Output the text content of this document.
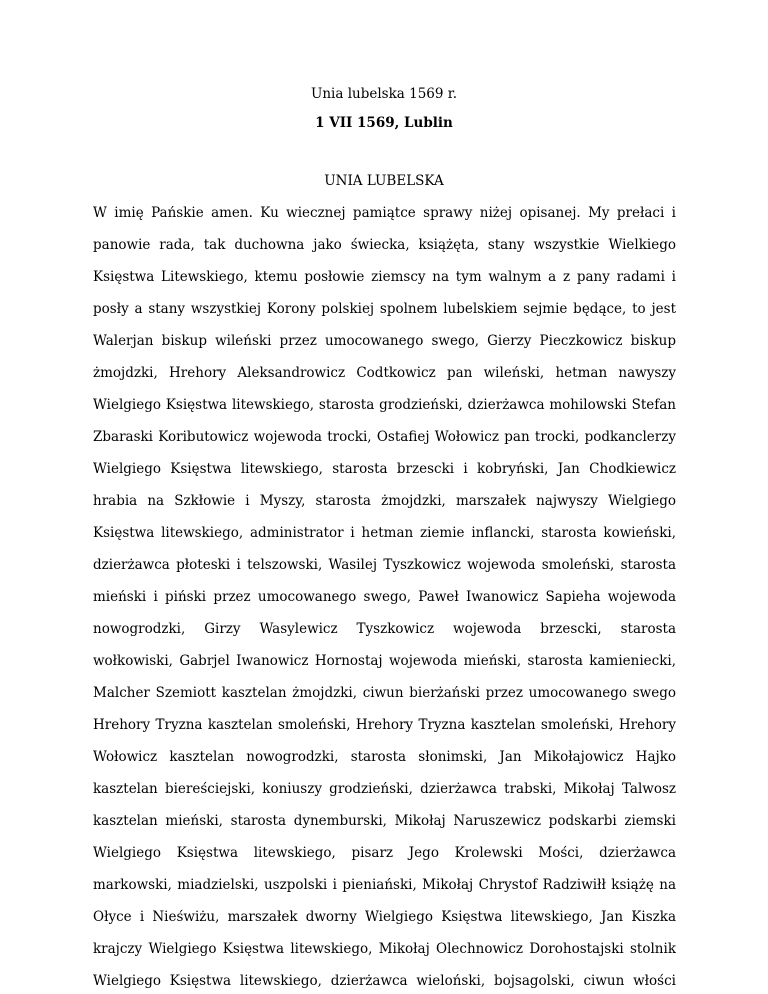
Unia lubelska 1569 r.
1 VII 1569, Lublin
UNIA LUBELSKA
W imię Pańskie amen. Ku wiecznej pamiątce sprawy niżej opisanej. My prełaci i
panowie rada, tak duchowna jako świecka, książęta, stany wszystkie Wielkiego
Księstwa Litewskiego, ktemu posłowie ziemscy na tym walnym a z pany radami i
posły a stany wszystkiej Korony polskiej spolnem lubelskiem sejmie będące, to jest
Walerjan biskup wileński przez umocowanego swego, Gierzy Pieczkowicz biskup
żmojdzki, Hrehory Aleksandrowicz Codtkowicz pan wileński, hetman nawyszy
Wielgiego Księstwa litewskiego, starosta grodzieński, dzierżawca mohilowski Stefan
Zbaraski Koributowicz wojewoda trocki, Ostafiej Wołowicz pan trocki, podkanclerzy
Wielgiego Księstwa litewskiego, starosta brzescki i kobryński, Jan Chodkiewicz
hrabia na Szkłowie i Myszy, starosta żmojdzki, marszałek najwyszy Wielgiego
Księstwa litewskiego, administrator i hetman ziemie inflancki, starosta kowieński,
dzierżawca płoteski i telszowski, Wasilej Tyszkowicz wojewoda smoleński, starosta
mieński i piński przez umocowanego swego, Paweł Iwanowicz Sapieha wojewoda
nowogrodzki, Girzy Wasylewicz Tyszkowicz wojewoda brzescki, starosta
wołkowiski, Gabrjel Iwanowicz Hornostaj wojewoda mieński, starosta kamieniecki,
Malcher Szemiott kasztelan żmojdzki, ciwun bierżański przez umocowanego swego
Hrehory Tryzna kasztelan smoleński, Hrehory Tryzna kasztelan smoleński, Hrehory
Wołowicz kasztelan nowogrodzki, starosta słonimski, Jan Mikołajowicz Hajko
kasztelan biereściejski, koniuszy grodzieński, dzierżawca trabski, Mikołaj Talwosz
kasztelan mieński, starosta dynemburski, Mikołaj Naruszewicz podskarbi ziemski
Wielgiego Księstwa litewskiego, pisarz Jego Krolewski Mości, dzierżawca
markowski, miadzielski, uszpolski i pieniański, Mikołaj Chrystof Radziwiłł książę na
Ołyce i Nieświżu, marszałek dworny Wielgiego Księstwa litewskiego, Jan Kiszka
krajczy Wielgiego Księstwa litewskiego, Mikołaj Olechnowicz Dorohostajski stolnik
Wielgiego Księstwa litewskiego, dzierżawca wieloński, bojsagolski, ciwun włości
